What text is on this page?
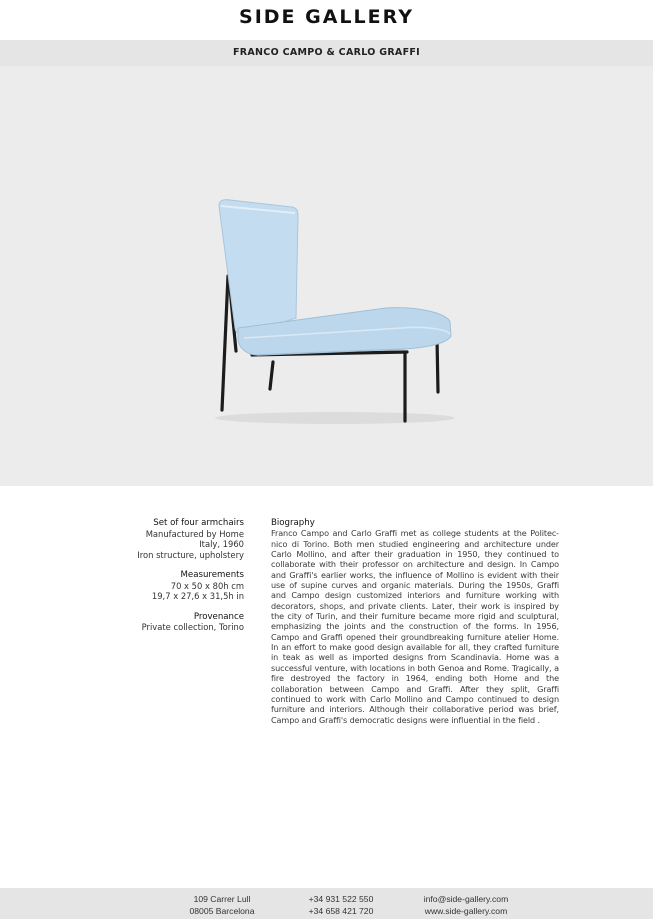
SIDE GALLERY
FRANCO CAMPO & CARLO GRAFFI
Set of four armchairs
Manufactured by Home
Italy, 1960
Iron structure, upholstery
Measurements
70 x 50 x 80h cm
19,7 x 27,6 x 31,5h in
Provenance
Private collection, Torino
Biography
Franco Campo and Carlo Graffi met as college students at the Politec-nico di Torino. Both men studied engineering and architecture under Carlo Mollino, and after their graduation in 1950, they continued to collaborate with their professor on architecture and design. In Campo and Graffi's earlier works, the influence of Mollino is evident with their use of supine curves and organic materials. During the 1950s, Graffi and Campo design customized interiors and furniture working with decorators, shops, and private clients. Later, their work is inspired by the city of Turin, and their furniture became more rigid and sculptural, emphasizing the joints and the construction of the forms. In 1956, Campo and Graffi opened their groundbreaking furniture atelier Home. In an effort to make good design available for all, they crafted furniture in teak as well as imported designs from Scandinavia. Home was a successful venture, with locations in both Genoa and Rome. Tragically, a fire destroyed the factory in 1964, ending both Home and the collaboration between Campo and Graffi. After they split, Graffi continued to work with Carlo Mollino and Campo continued to design furniture and interiors. Although their collaborative period was brief, Campo and Graffi's democratic designs were influential in the field .
109 Carrer Lull
08005 Barcelona
+34 931 522 550
+34 658 421 720
info@side-gallery.com
www.side-gallery.com
